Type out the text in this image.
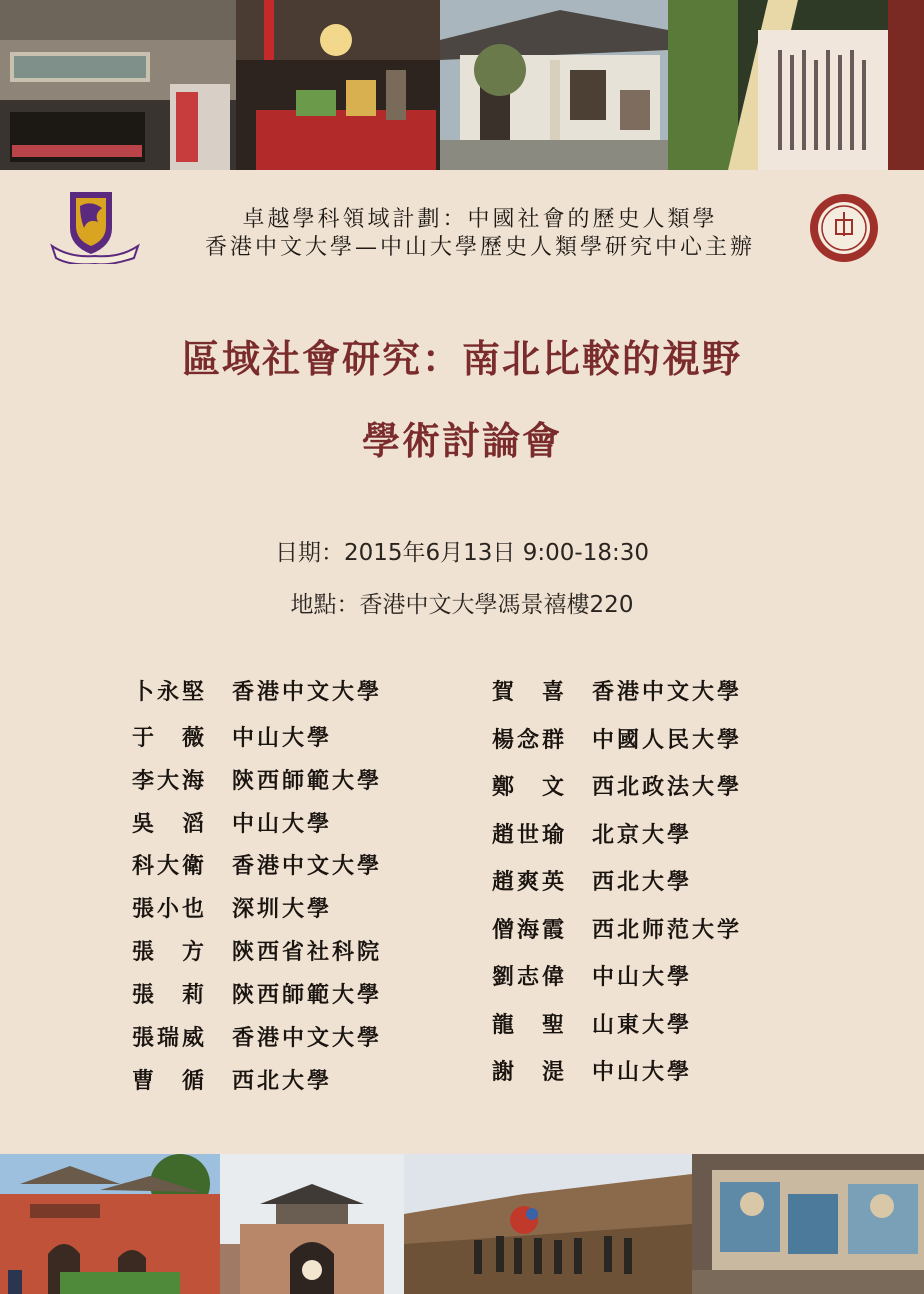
卓越學科領域計劃：中國社會的歷史人類學
香港中文大學—中山大學歷史人類學研究中心主辦
區域社會研究：南北比較的視野
學術討論會
日期：2015年6月13日 9:00-18:30
地點：香港中文大學馮景禧樓220
卜永堅 香港中文大學
于　薇 中山大學
李大海 陝西師範大學
吳　滔 中山大學
科大衛 香港中文大學
張小也 深圳大學
張　方 陝西省社科院
張　莉 陝西師範大學
張瑞威 香港中文大學
曹　循 西北大學
賀　喜 香港中文大學
楊念群 中國人民大學
鄭　文 西北政法大學
趙世瑜 北京大學
趙爽英 西北大學
僧海霞 西北师范大学
劉志偉 中山大學
龍　聖 山東大學
謝　湜 中山大學
